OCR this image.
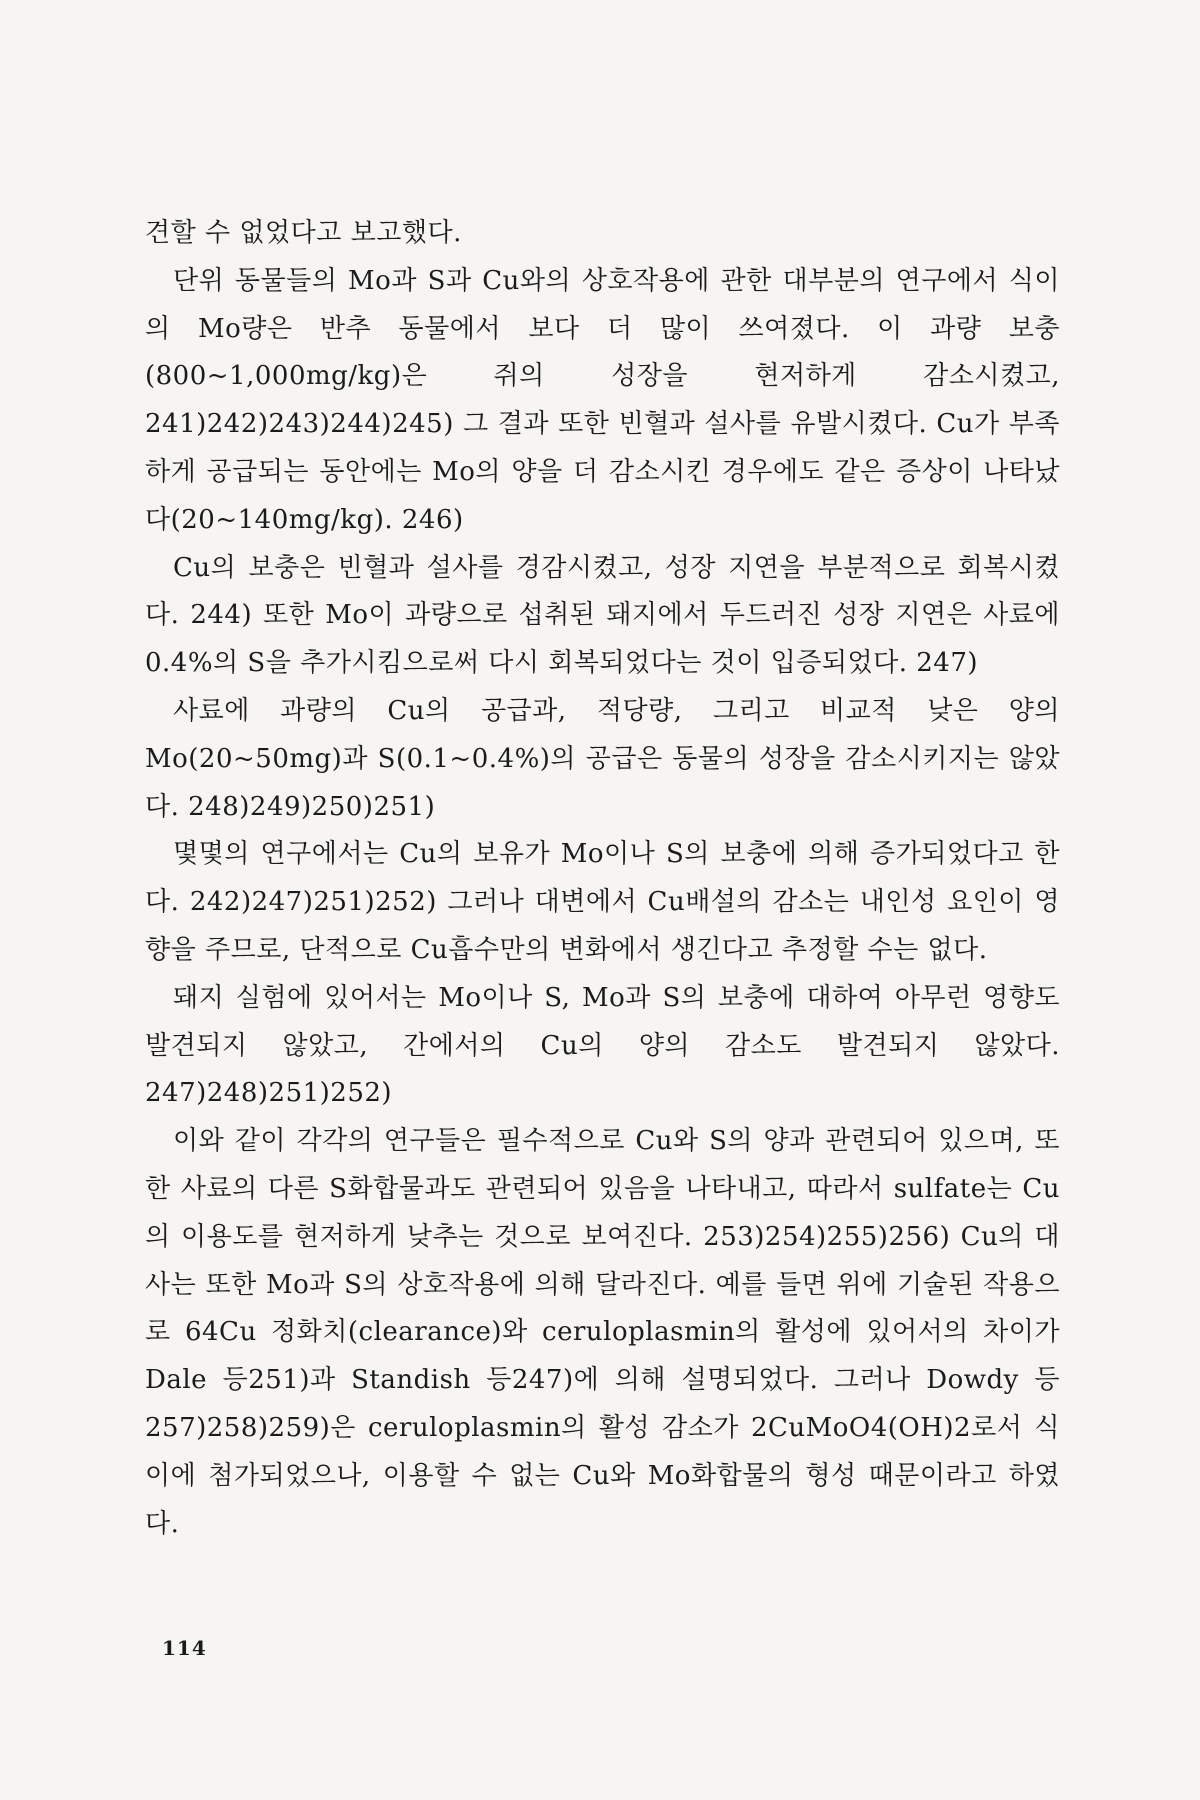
견할 수 없었다고 보고했다.

단위 동물들의 Mo과 S과 Cu와의 상호작용에 관한 대부분의 연구에서 식이의 Mo량은 반추 동물에서 보다 더 많이 쓰여졌다. 이 과량 보충(800~1,000mg/kg)은 쥐의 성장을 현저하게 감소시켰고, 241)242)243)244)245) 그 결과 또한 빈혈과 설사를 유발시켰다. Cu가 부족하게 공급되는 동안에는 Mo의 양을 더 감소시킨 경우에도 같은 증상이 나타났다(20~140mg/kg). 246)

Cu의 보충은 빈혈과 설사를 경감시켰고, 성장 지연을 부분적으로 회복시켰다. 244) 또한 Mo이 과량으로 섭취된 돼지에서 두드러진 성장 지연은 사료에 0.4%의 S을 추가시킴으로써 다시 회복되었다는 것이 입증되었다. 247)

사료에 과량의 Cu의 공급과, 적당량, 그리고 비교적 낮은 양의 Mo(20~50mg)과 S(0.1~0.4%)의 공급은 동물의 성장을 감소시키지는 않았다. 248)249)250)251)

몇몇의 연구에서는 Cu의 보유가 Mo이나 S의 보충에 의해 증가되었다고 한다. 242)247)251)252) 그러나 대변에서 Cu배설의 감소는 내인성 요인이 영향을 주므로, 단적으로 Cu흡수만의 변화에서 생긴다고 추정할 수는 없다.

돼지 실험에 있어서는 Mo이나 S, Mo과 S의 보충에 대하여 아무런 영향도 발견되지 않았고, 간에서의 Cu의 양의 감소도 발견되지 않았다. 247)248)251)252)

이와 같이 각각의 연구들은 필수적으로 Cu와 S의 양과 관련되어 있으며, 또한 사료의 다른 S화합물과도 관련되어 있음을 나타내고, 따라서 sulfate는 Cu의 이용도를 현저하게 낮추는 것으로 보여진다. 253)254)255)256) Cu의 대사는 또한 Mo과 S의 상호작용에 의해 달라진다. 예를 들면 위에 기술된 작용으로 64Cu 정화치(clearance)와 ceruloplasmin의 활성에 있어서의 차이가 Dale 등251)과 Standish 등247)에 의해 설명되었다. 그러나 Dowdy 등257)258)259)은 ceruloplasmin의 활성 감소가 2CuMoO4(OH)2로서 식이에 첨가되었으나, 이용할 수 없는 Cu와 Mo화합물의 형성 때문이라고 하였다.

114
